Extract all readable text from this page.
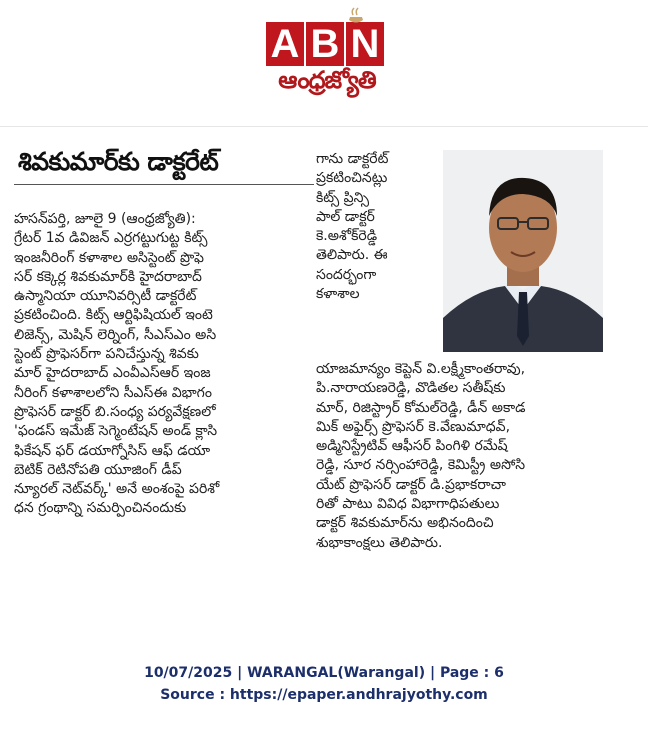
A B N
ఆంధ్రజ్యోతి
శివకుమార్‌కు డాక్టరేట్
హసన్‌పర్తి, జూలై 9 (ఆంధ్రజ్యోతి):
గ్రేటర్ 1వ డివిజన్ ఎర్రగట్టుగుట్ట కిట్స్
ఇంజనీరింగ్ కళాశాల అసిస్టెంట్ ప్రొఫె
సర్ కక్కెర్ల శివకుమార్‌కి హైదరాబాద్
ఉస్మానియా యూనివర్సిటీ డాక్టరేట్
ప్రకటించింది. కిట్స్ ఆర్టిఫిషియల్ ఇంటె
లిజెన్స్, మెషిన్ లెర్నింగ్, సీఎస్ఎం అసి
స్టెంట్ ప్రొఫెసర్‌గా పనిచేస్తున్న శివకు
మార్ హైదరాబాద్ ఎంవీఎస్ఆర్ ఇంజ
నీరింగ్ కళాశాలలోని సీఎస్ఈ విభాగం
ప్రొఫెసర్ డాక్టర్ బి.సంధ్య పర్యవేక్షణలో
'ఫండస్ ఇమేజ్ సెగ్మెంటేషన్ అండ్ క్లాసి
ఫికేషన్ ఫర్ డయాగ్నోసిస్ ఆఫ్ డయా
బెటిక్ రెటినోపతి యూజింగ్ డీప్
న్యూరల్ నెట్‌వర్క్' అనే అంశంపై పరిశో
ధన గ్రంథాన్ని సమర్పించినందుకు
గాను డాక్టరేట్
ప్రకటించినట్లు
కిట్స్ ప్రిన్సి
పాల్ డాక్టర్
కె.అశోక్‌రెడ్డి
తెలిపారు. ఈ
సందర్భంగా
కళాశాల
యాజమాన్యం కెప్టెన్ వి.లక్ష్మీకాంతరావు,
పి.నారాయణరెడ్డి, వొడితల సతీష్‌కు
మార్, రిజిస్ట్రార్ కోమల్‌రెడ్డి, డీన్ అకాడ
మిక్ అఫైర్స్ ప్రొఫెసర్ కె.వేణుమాధవ్,
అడ్మినిస్ట్రేటివ్ ఆఫీసర్ పింగిళి రమేష్
రెడ్డి, సూర నర్సింహారెడ్డి, కెమిస్ట్రీ అసోసి
యేట్ ప్రొఫెసర్ డాక్టర్ డి.ప్రభాకరాచా
రితో పాటు వివిధ విభాగాధిపతులు
డాక్టర్ శివకుమార్‌ను అభినందించి
శుభాకాంక్షలు తెలిపారు.
10/07/2025 | WARANGAL(Warangal) | Page : 6
Source : https://epaper.andhrajyothy.com
